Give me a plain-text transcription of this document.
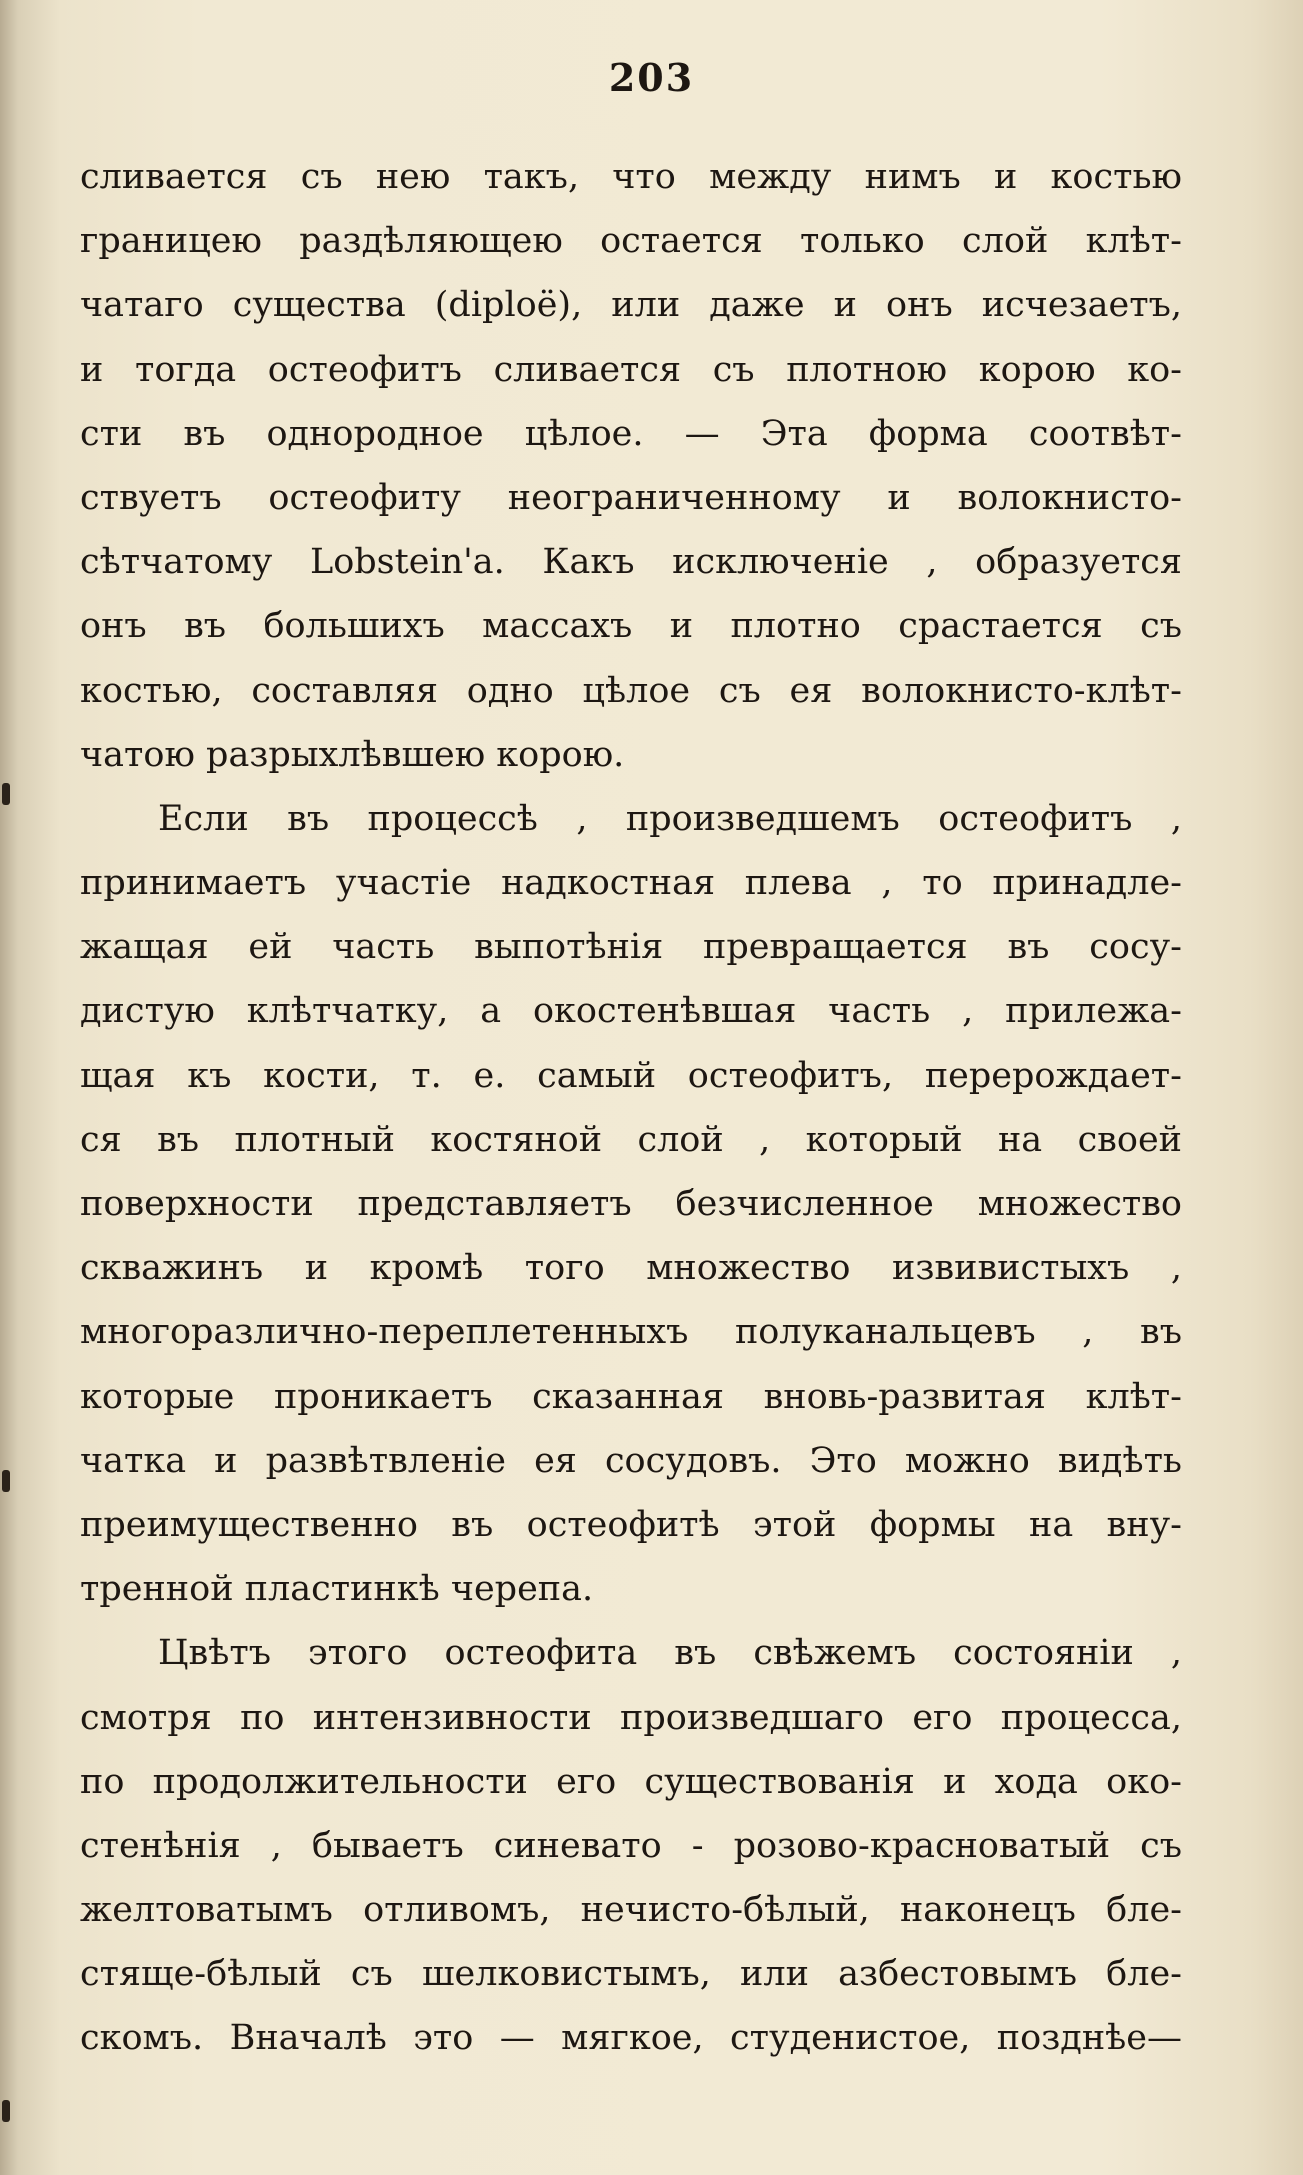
203
сливается съ нею такъ, что между нимъ и костью
границею раздѣляющею остается только слой клѣт-
чатаго существа (diploë), или даже и онъ исчезаетъ,
и тогда остеофитъ сливается съ плотною корою ко-
сти въ однородное цѣлое. — Эта форма соотвѣт-
ствуетъ остеофиту неограниченному и волокнисто-
сѣтчатому Lobstein'a. Какъ исключеніе , образуется
онъ въ большихъ массахъ и плотно срастается съ
костью, составляя одно цѣлое съ ея волокнисто-клѣт-
чатою разрыхлѣвшею корою.
Если въ процессѣ , произведшемъ остеофитъ ,
принимаетъ участіе надкостная плева , то принадле-
жащая ей часть выпотѣнія превращается въ сосу-
дистую клѣтчатку, а окостенѣвшая часть , прилежа-
щая къ кости, т. е. самый остеофитъ, перерождает-
ся въ плотный костяной слой , который на своей
поверхности представляетъ безчисленное множество
скважинъ и кромѣ того множество извивистыхъ ,
многоразлично-переплетенныхъ полуканальцевъ , въ
которые проникаетъ сказанная вновь-развитая клѣт-
чатка и развѣтвленіе ея сосудовъ. Это можно видѣть
преимущественно въ остеофитѣ этой формы на вну-
тренной пластинкѣ черепа.
Цвѣтъ этого остеофита въ свѣжемъ состояніи ,
смотря по интензивности произведшаго его процесса,
по продолжительности его существованія и хода око-
стенѣнія , бываетъ синевато - розово-красноватый съ
желтоватымъ отливомъ, нечисто-бѣлый, наконецъ бле-
стяще-бѣлый съ шелковистымъ, или азбестовымъ бле-
скомъ. Вначалѣ это — мягкое, студенистое, позднѣе—
